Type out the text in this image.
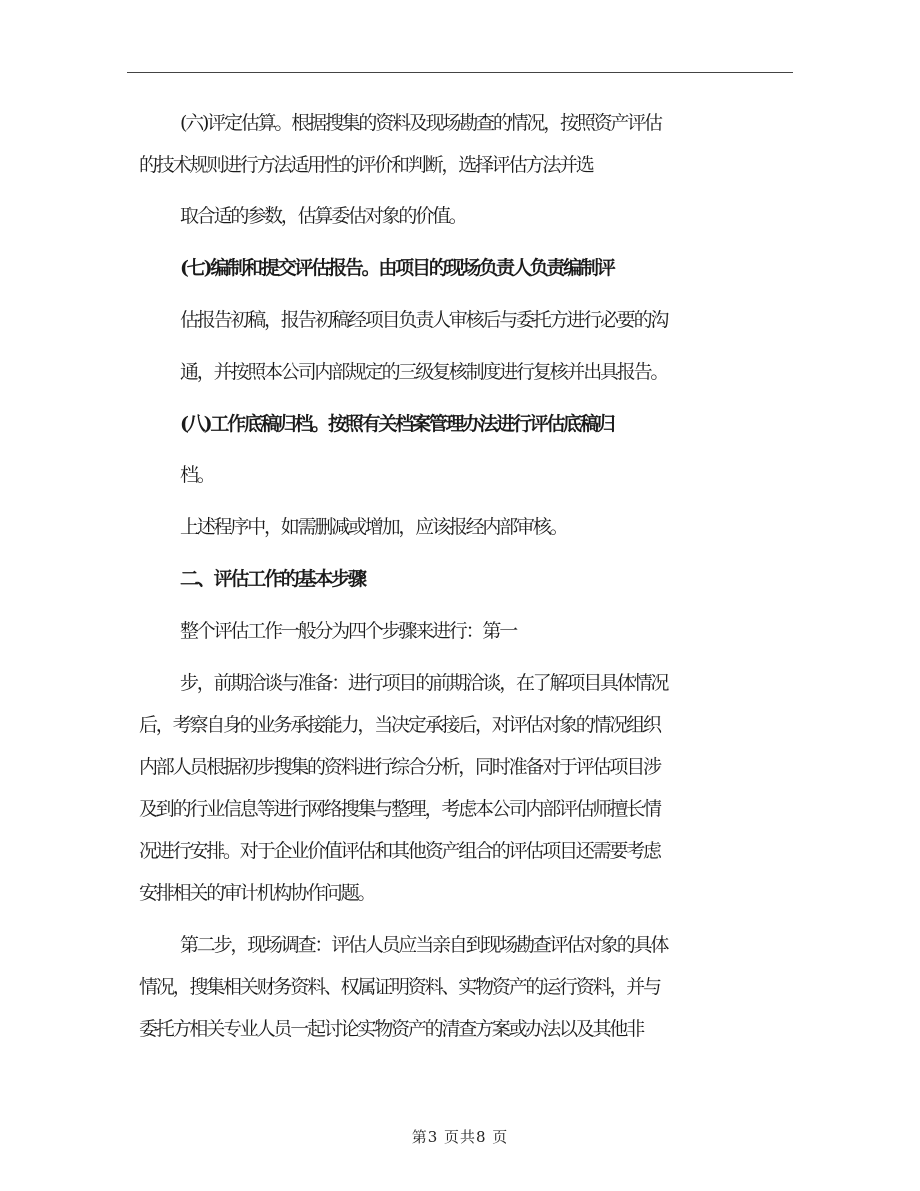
(六)评定估算。根据搜集的资料及现场勘查的情况，按照资产评估
的技术规则进行方法适用性的评价和判断，选择评估方法并选
取合适的参数，估算委估对象的价值。
(七)编制和提交评估报告。由项目的现场负责人负责编制评
估报告初稿，报告初稿经项目负责人审核后与委托方进行必要的沟
通，并按照本公司内部规定的三级复核制度进行复核并出具报告。
(八)工作底稿归档。按照有关档案管理办法进行评估底稿归
档。
上述程序中，如需删减或增加，应该报经内部审核。
二、评估工作的基本步骤
整个评估工作一般分为四个步骤来进行：第一
步，前期洽谈与准备：进行项目的前期洽谈，在了解项目具体情况
后，考察自身的业务承接能力，当决定承接后，对评估对象的情况组织
内部人员根据初步搜集的资料进行综合分析，同时准备对于评估项目涉
及到的行业信息等进行网络搜集与整理，考虑本公司内部评估师擅长情
况进行安排。对于企业价值评估和其他资产组合的评估项目还需要考虑
安排相关的审计机构协作问题。
第二步，现场调查：评估人员应当亲自到现场勘查评估对象的具体
情况，搜集相关财务资料、权属证明资料、实物资产的运行资料，并与
委托方相关专业人员一起讨论实物资产的清查方案或办法以及其他非
第3 页共8 页
